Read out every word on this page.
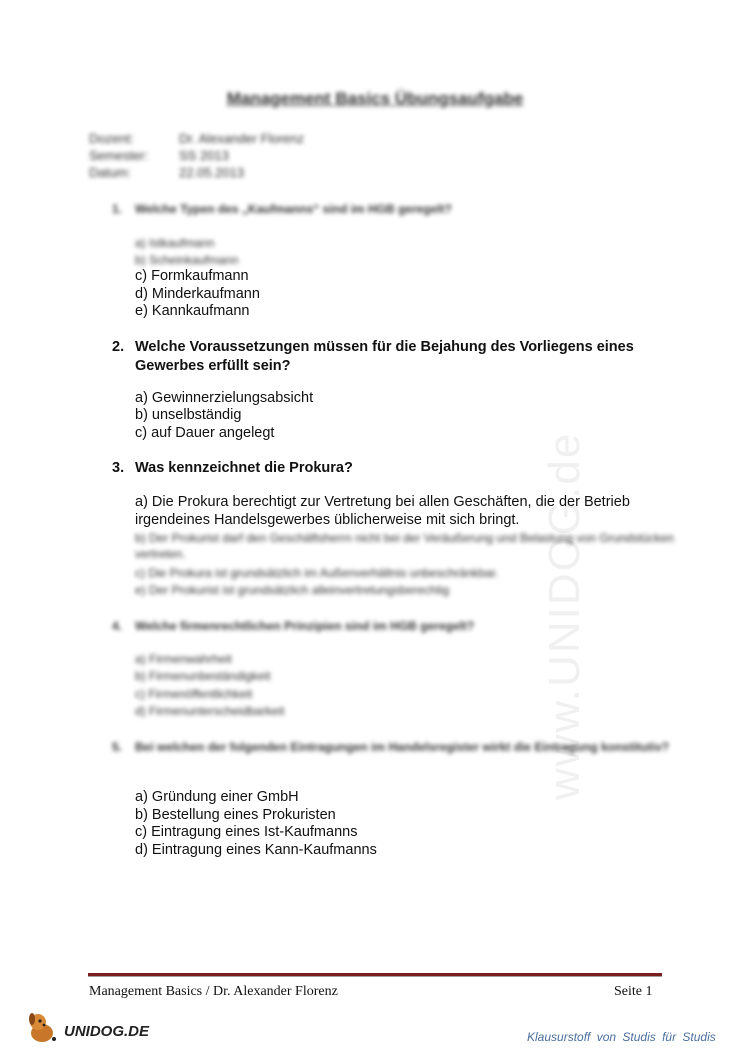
www.UNIDOG.de
Management Basics Übungsaufgabe
Dozent:	Dr. Alexander Florenz
Semester: SS 2013
Datum:	22.05.2013
1. Welche Typen des „Kaufmanns“ sind im HGB geregelt?
a) Istkaufmann
b) Scheinkaufmann
c) Formkaufmann
d) Minderkaufmann
e) Kannkaufmann
2. Welche Voraussetzungen müssen für die Bejahung des Vorliegens eines Gewerbes erfüllt sein?
a) Gewinnerzielungsabsicht
b) unselbständig
c) auf Dauer angelegt
3. Was kennzeichnet die Prokura?
a) Die Prokura berechtigt zur Vertretung bei allen Geschäften, die der Betrieb irgendeines Handelsgewerbes üblicherweise mit sich bringt.
b) Der Prokurist darf den Geschäftsherrn nicht bei der Veräußerung und Belastung von Grundstücken vertreten.
c) Die Prokura ist grundsätzlich im Außenverhältnis unbeschränkbar.
e) Der Prokurist ist grundsätzlich alleinvertretungsberechtig
4. Welche firmenrechtlichen Prinzipien sind im HGB geregelt?
a) Firmenwahrheit
b) Firmenunbeständigkeit
c) Firmenöffentlichkeit
d) Firmenunterscheidbarkeit
5. Bei welchen der folgenden Eintragungen im Handelsregister wirkt die Eintragung konstitutiv?
a) Gründung einer GmbH
b) Bestellung eines Prokuristen
c) Eintragung eines Ist-Kaufmanns
d) Eintragung eines Kann-Kaufmanns
Management Basics / Dr. Alexander Florenz	Seite 1
UNIDOG.DE	Klausurstoff von Studis für Studis
